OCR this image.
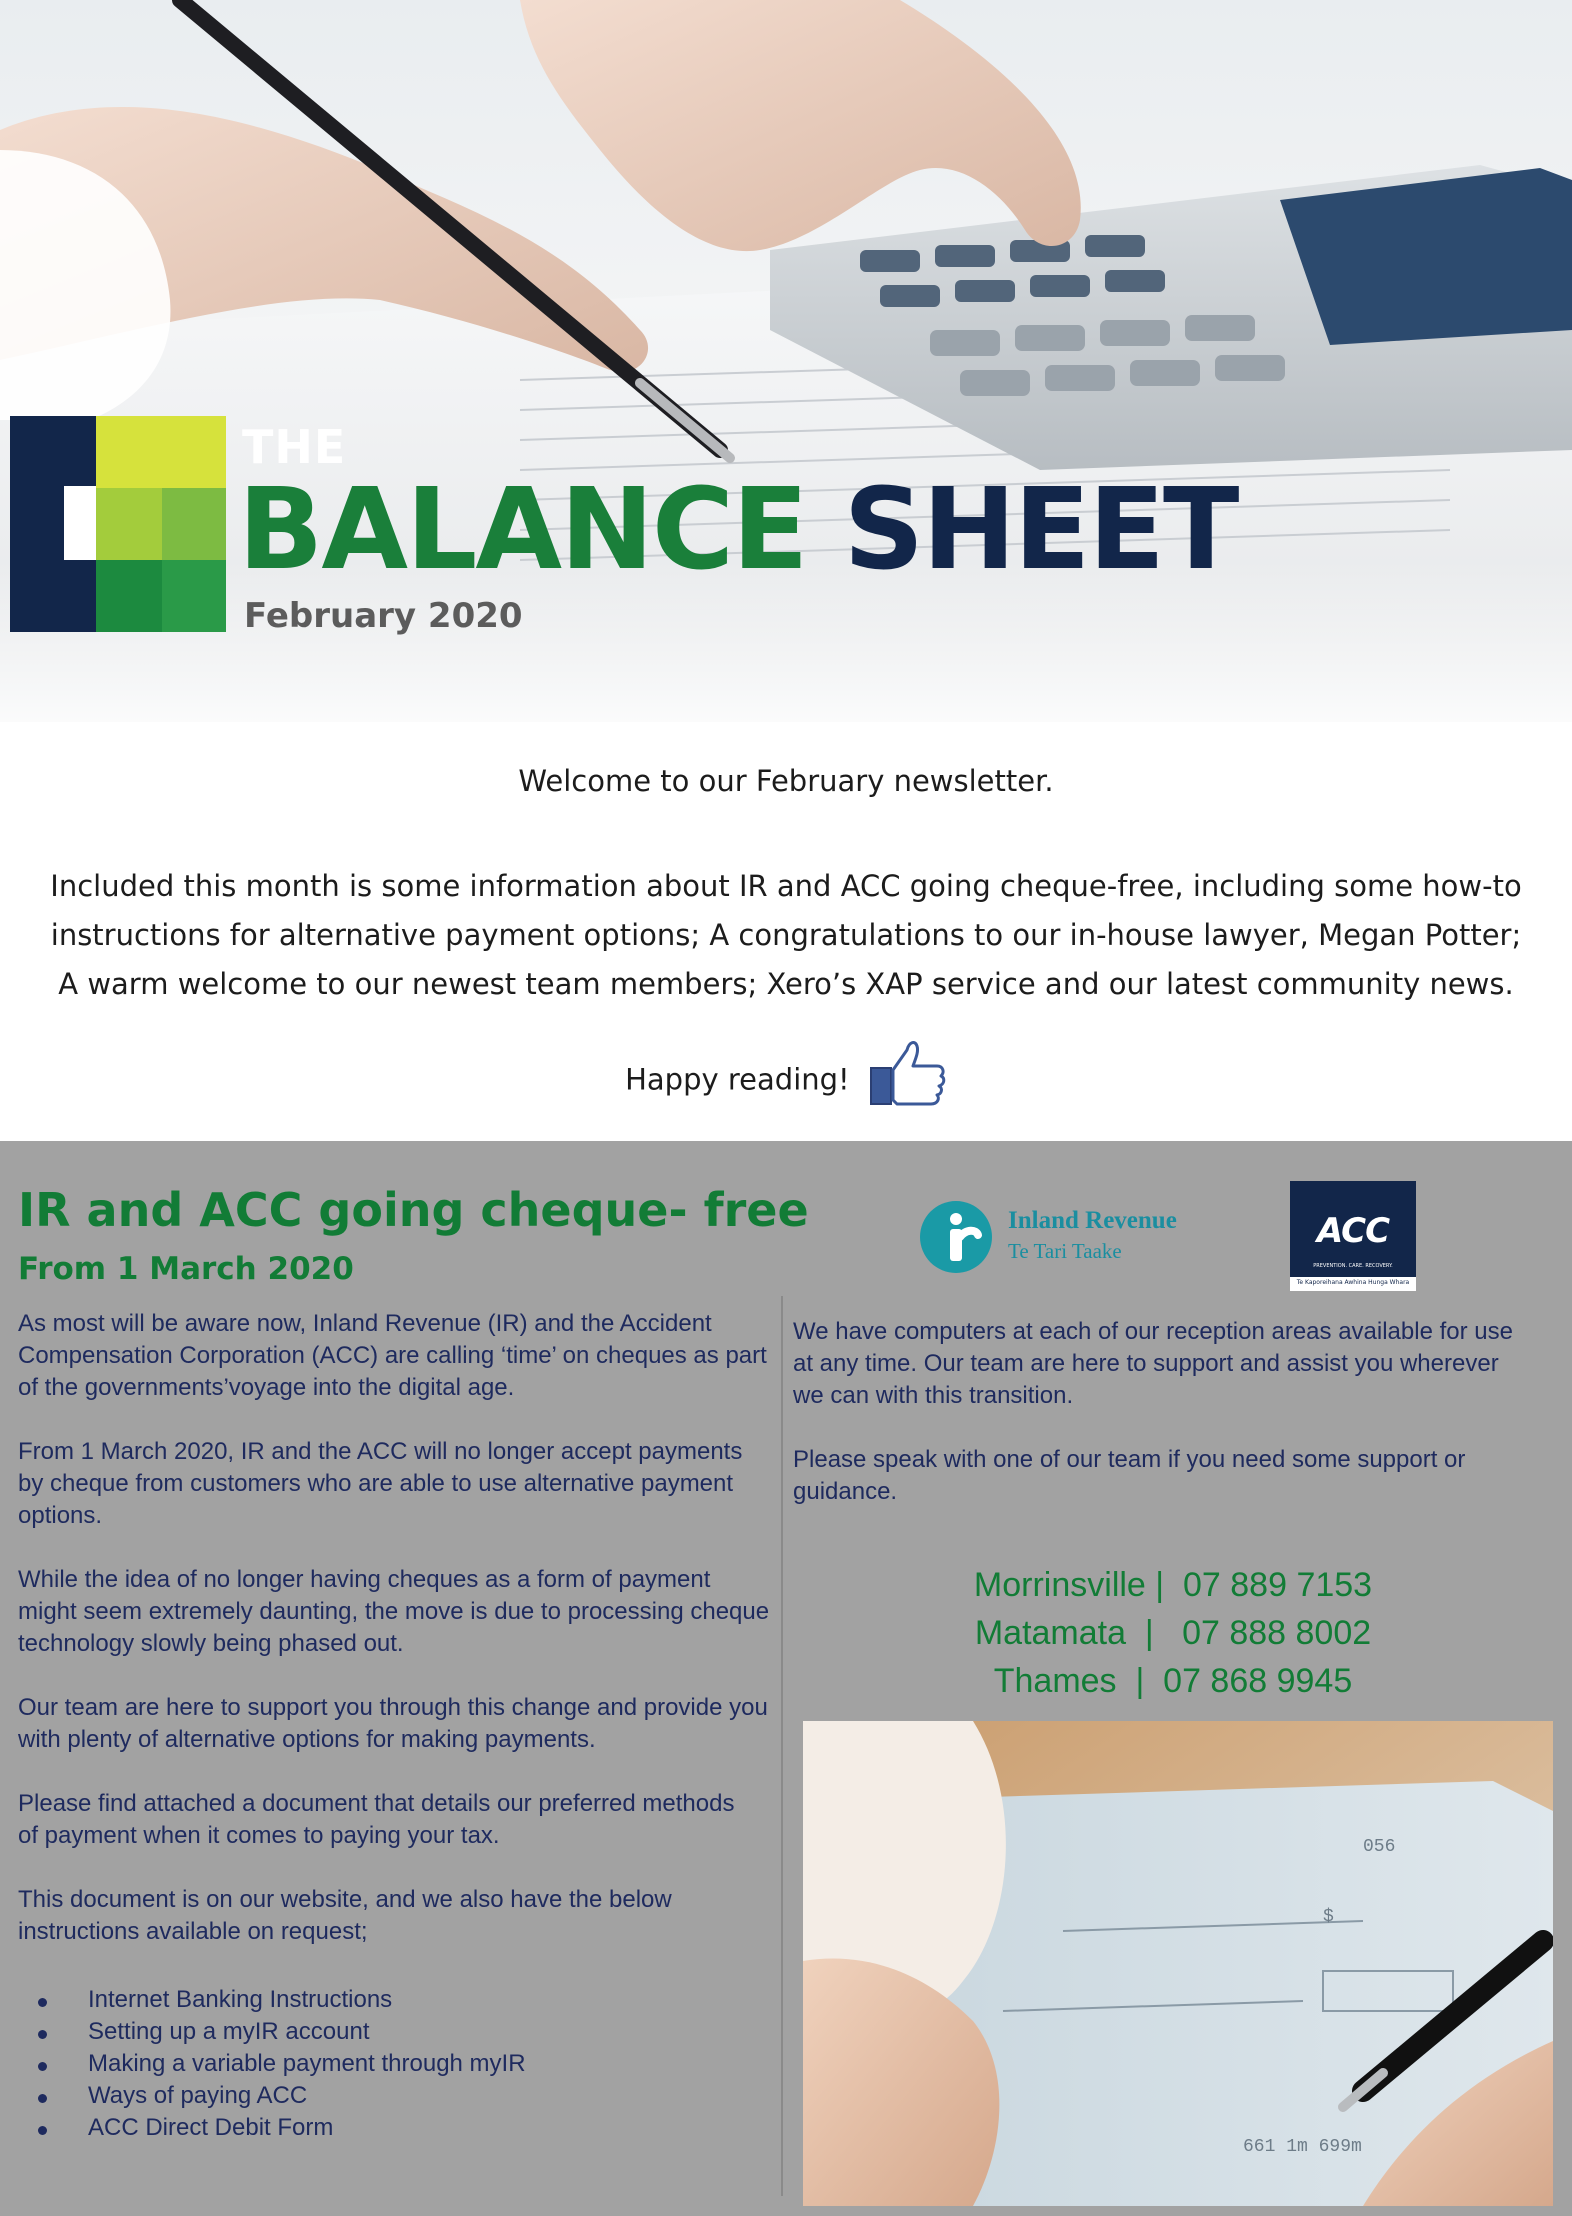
THE
BALANCE SHEET
February 2020
Welcome to our February newsletter.
Included this month is some information about IR and ACC going cheque-free, including some how-to
instructions for alternative payment options; A congratulations to our in-house lawyer, Megan Potter;
A warm welcome to our newest team members; Xero’s XAP service and our latest community news.
Happy reading!
IR and ACC going cheque- free
From 1 March 2020
Inland Revenue
Te Tari Taake	ACC
PREVENTION. CARE. RECOVERY.
Te Kaporeihana Awhina Hunga Whara

As most will be aware now, Inland Revenue (IR) and the Accident Compensation Corporation (ACC) are calling ‘time’ on cheques as part of the governments’voyage into the digital age.

From 1 March 2020, IR and the ACC will no longer accept payments by cheque from customers who are able to use alternative payment options.

While the idea of no longer having cheques as a form of payment might seem extremely daunting, the move is due to processing cheque technology slowly being phased out.

Our team are here to support you through this change and provide you with plenty of alternative options for making payments.

Please find attached a document that details our preferred methods of payment when it comes to paying your tax.

This document is on our website, and we also have the below instructions available on request;

Internet Banking Instructions
Setting up a myIR account
Making a variable payment through myIR
Ways of paying ACC
ACC Direct Debit Form

We have computers at each of our reception areas available for use at any time. Our team are here to support and assist you wherever we can with this transition.

Please speak with one of our team if you need some support or guidance.

Morrinsville |  07 889 7153
Matamata  |   07 888 8002
Thames  |  07 868 9945
056
$
661 1m 699m
